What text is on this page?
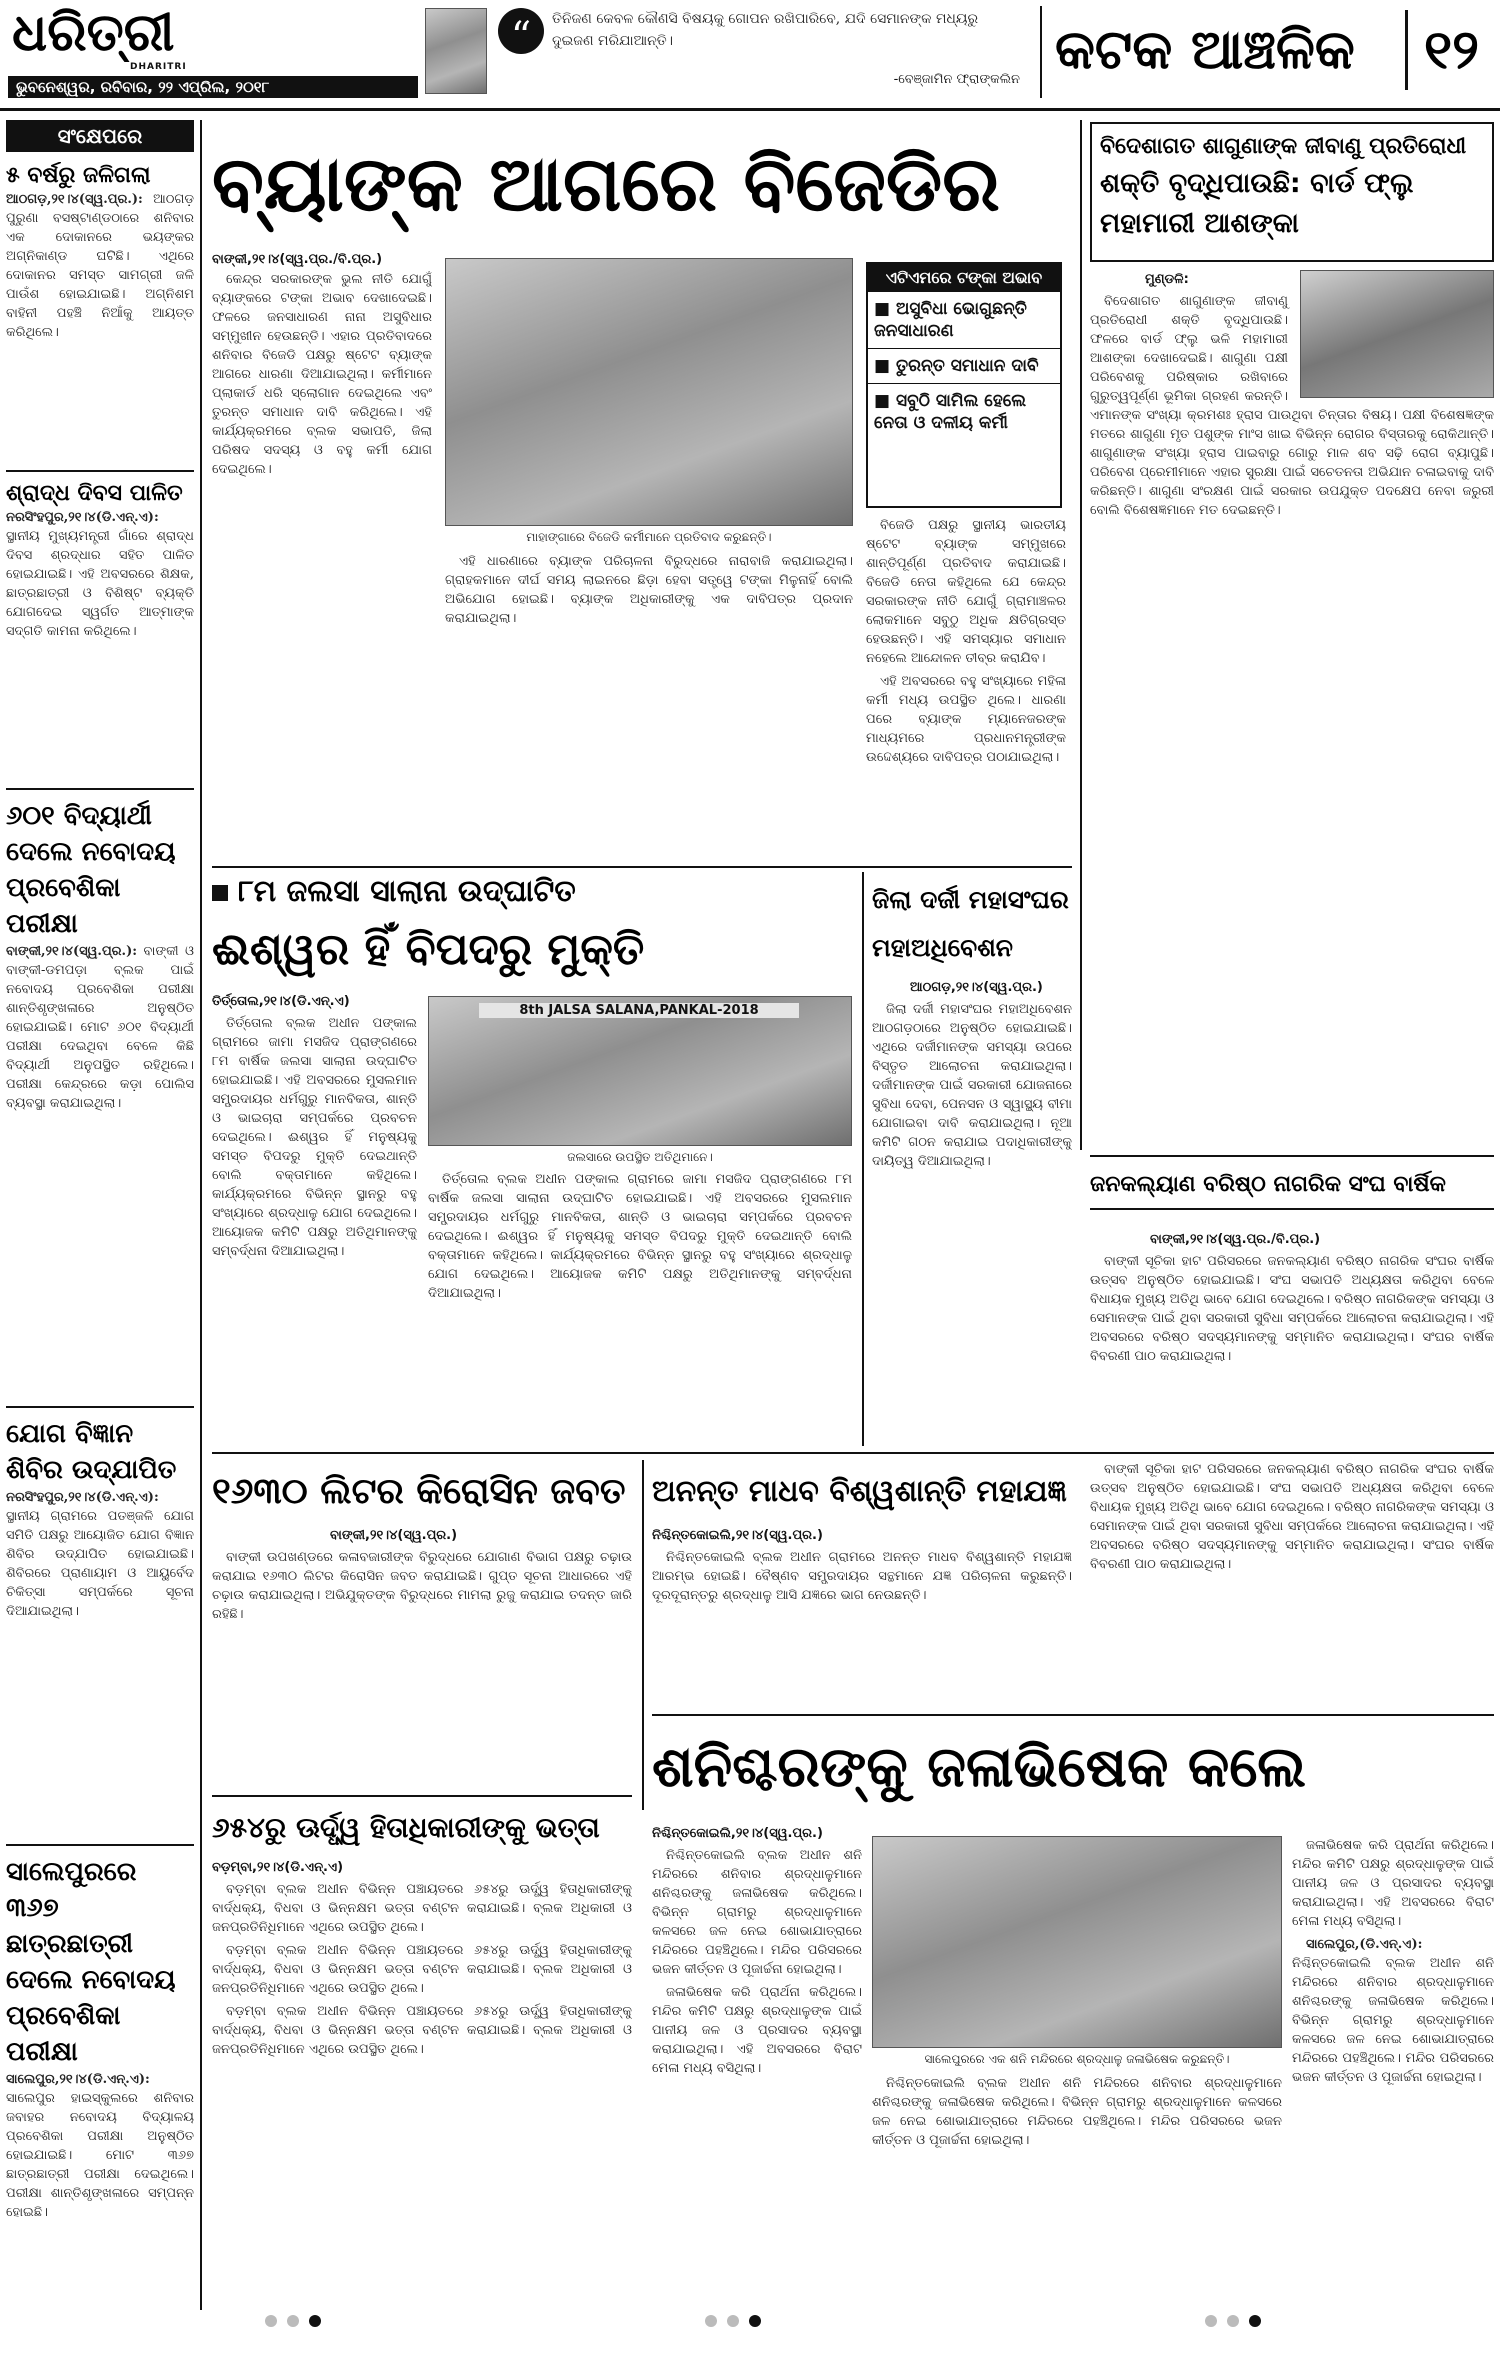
ଧରିତ୍ରୀ
DHARITRI
ଭୁବନେଶ୍ୱର, ରବିବାର, ୨୨ ଏପ୍ରିଲ, ୨୦୧୮
“	ତିନିଜଣ କେବଳ କୌଣସି ବିଷୟକୁ ଗୋପନ ରଖିପାରିବେ, ଯଦି ସେମାନଙ୍କ ମଧ୍ୟରୁ ଦୁଇଜଣ ମରିଯାଆନ୍ତି।
-ବେଞ୍ଜାମିନ ଫ୍ରାଙ୍କଲିନ କଟକ ଆଞ୍ଚଳିକ	୧୨
ସଂକ୍ଷେପରେ
୫ ବର୍ଷରୁ ଜଳିଗଲା
ଆଠଗଡ଼,୨୧।୪(ସ୍ୱ.ପ୍ର.): ଆଠଗଡ଼ ପୁରୁଣା ବସଷ୍ଟାଣ୍ଡଠାରେ ଶନିବାର ଏକ ଦୋକାନରେ ଭୟଙ୍କର ଅଗ୍ନିକାଣ୍ଡ ଘଟିଛି। ଏଥିରେ ଦୋକାନର ସମସ୍ତ ସାମଗ୍ରୀ ଜଳି ପାଉଁଶ ହୋଇଯାଇଛି। ଅଗ୍ନିଶମ ବାହିନୀ ପହଞ୍ଚି ନିଆଁକୁ ଆୟତ୍ତ କରିଥିଲେ।
ଶ୍ରାଦ୍ଧ ଦିବସ ପାଳିତ
ନରସିଂହପୁର,୨୧।୪(ଡି.ଏନ୍.ଏ): ସ୍ଥାନୀୟ ମୁଖ୍ୟମନ୍ତ୍ରୀ ଗାଁରେ ଶ୍ରାଦ୍ଧ ଦିବସ ଶ୍ରଦ୍ଧାର ସହିତ ପାଳିତ ହୋଇଯାଇଛି। ଏହି ଅବସରରେ ଶିକ୍ଷକ, ଛାତ୍ରଛାତ୍ରୀ ଓ ବିଶିଷ୍ଟ ବ୍ୟକ୍ତି ଯୋଗଦେଇ ସ୍ୱର୍ଗତ ଆତ୍ମାଙ୍କ ସଦ୍ଗତି କାମନା କରିଥିଲେ।
୬୦୧ ବିଦ୍ୟାର୍ଥୀ ଦେଲେ ନବୋଦୟ ପ୍ରବେଶିକା ପରୀକ୍ଷା
ବାଙ୍କୀ,୨୧।୪(ସ୍ୱ.ପ୍ର.): ବାଙ୍କୀ ଓ ବାଙ୍କୀ-ଡମପଡ଼ା ବ୍ଲକ ପାଇଁ ନବୋଦୟ ପ୍ରବେଶିକା ପରୀକ୍ଷା ଶାନ୍ତିଶୃଙ୍ଖଳାରେ ଅନୁଷ୍ଠିତ ହୋଇଯାଇଛି। ମୋଟ ୬୦୧ ବିଦ୍ୟାର୍ଥୀ ପରୀକ୍ଷା ଦେଇଥିବା ବେଳେ କିଛି ବିଦ୍ୟାର୍ଥୀ ଅନୁପସ୍ଥିତ ରହିଥିଲେ। ପରୀକ୍ଷା କେନ୍ଦ୍ରରେ କଡ଼ା ପୋଲିସ ବ୍ୟବସ୍ଥା କରାଯାଇଥିଲା।
ଯୋଗ ବିଜ୍ଞାନ ଶିବିର ଉଦ୍‌ଯାପିତ
ନରସିଂହପୁର,୨୧।୪(ଡି.ଏନ୍.ଏ): ସ୍ଥାନୀୟ ଗ୍ରାମରେ ପତଞ୍ଜଳି ଯୋଗ ସମିତି ପକ୍ଷରୁ ଆୟୋଜିତ ଯୋଗ ବିଜ୍ଞାନ ଶିବିର ଉଦ୍‌ଯାପିତ ହୋଇଯାଇଛି। ଶିବିରରେ ପ୍ରାଣାୟାମ ଓ ଆୟୁର୍ବେଦ ଚିକିତ୍ସା ସମ୍ପର୍କରେ ସୂଚନା ଦିଆଯାଇଥିଲା।
ସାଲେପୁରରେ ୩୬୭ ଛାତ୍ରଛାତ୍ରୀ ଦେଲେ ନବୋଦୟ ପ୍ରବେଶିକା ପରୀକ୍ଷା
ସାଲେପୁର,୨୧।୪(ଡି.ଏନ୍.ଏ): ସାଲେପୁର ହାଇସ୍କୁଲରେ ଶନିବାର ଜବାହର ନବୋଦୟ ବିଦ୍ୟାଳୟ ପ୍ରବେଶିକା ପରୀକ୍ଷା ଅନୁଷ୍ଠିତ ହୋଇଯାଇଛି। ମୋଟ ୩୬୭ ଛାତ୍ରଛାତ୍ରୀ ପରୀକ୍ଷା ଦେଇଥିଲେ। ପରୀକ୍ଷା ଶାନ୍ତିଶୃଙ୍ଖଳାରେ ସମ୍ପନ୍ନ ହୋଇଛି।
ବ୍ୟାଙ୍କ ଆଗରେ ବିଜେଡିର
ବାଙ୍କୀ,୨୧।୪(ସ୍ୱ.ପ୍ର./ବି.ପ୍ର.)

କେନ୍ଦ୍ର ସରକାରଙ୍କ ଭୁଲ ନୀତି ଯୋଗୁଁ ବ୍ୟାଙ୍କରେ ଟଙ୍କା ଅଭାବ ଦେଖାଦେଇଛି। ଫଳରେ ଜନସାଧାରଣ ନାନା ଅସୁବିଧାର ସମ୍ମୁଖୀନ ହେଉଛନ୍ତି। ଏହାର ପ୍ରତିବାଦରେ ଶନିବାର ବିଜେଡି ପକ୍ଷରୁ ଷ୍ଟେଟ ବ୍ୟାଙ୍କ ଆଗରେ ଧାରଣା ଦିଆଯାଇଥିଲା। କର୍ମୀମାନେ ପ୍ଲାକାର୍ଡ ଧରି ସ୍ଲୋଗାନ ଦେଇଥିଲେ ଏବଂ ତୁରନ୍ତ ସମାଧାନ ଦାବି କରିଥିଲେ। ଏହି କାର୍ଯ୍ୟକ୍ରମରେ ବ୍ଲକ ସଭାପତି, ଜିଲା ପରିଷଦ ସଦସ୍ୟ ଓ ବହୁ କର୍ମୀ ଯୋଗ ଦେଇଥିଲେ।

ମାହାଙ୍ଗାରେ ବିଜେଡି କର୍ମୀମାନେ ପ୍ରତିବାଦ କରୁଛନ୍ତି।

ଏହି ଧାରଣାରେ ବ୍ୟାଙ୍କ ପରିଚାଳନା ବିରୁଦ୍ଧରେ ନାରାବାଜି କରାଯାଇଥିଲା। ଗ୍ରାହକମାନେ ଦୀର୍ଘ ସମୟ ଲାଇନରେ ଛିଡ଼ା ହେବା ସତ୍ତ୍ୱେ ଟଙ୍କା ମିଳୁନାହିଁ ବୋଲି ଅଭିଯୋଗ ହୋଇଛି। ବ୍ୟାଙ୍କ ଅଧିକାରୀଙ୍କୁ ଏକ ଦାବିପତ୍ର ପ୍ରଦାନ କରାଯାଇଥିଲା।

ଏଟିଏମରେ ଟଙ୍କା ଅଭାବ
■ ଅସୁବିଧା ଭୋଗୁଛନ୍ତି ଜନସାଧାରଣ
■ ତୁରନ୍ତ ସମାଧାନ ଦାବି
■ ସବୁଠି ସାମିଲ ହେଲେ ନେତା ଓ ଦଳୀୟ କର୍ମୀ

ବିଜେଡି ପକ୍ଷରୁ ସ୍ଥାନୀୟ ଭାରତୀୟ ଷ୍ଟେଟ ବ୍ୟାଙ୍କ ସମ୍ମୁଖରେ ଶାନ୍ତିପୂର୍ଣ୍ଣ ପ୍ରତିବାଦ କରାଯାଇଛି। ବିଜେଡି ନେତା କହିଥିଲେ ଯେ କେନ୍ଦ୍ର ସରକାରଙ୍କ ନୀତି ଯୋଗୁଁ ଗ୍ରାମାଞ୍ଚଳର ଲୋକମାନେ ସବୁଠୁ ଅଧିକ କ୍ଷତିଗ୍ରସ୍ତ ହେଉଛନ୍ତି। ଏହି ସମସ୍ୟାର ସମାଧାନ ନହେଲେ ଆନ୍ଦୋଳନ ତୀବ୍ର କରାଯିବ।

ଏହି ଅବସରରେ ବହୁ ସଂଖ୍ୟାରେ ମହିଳା କର୍ମୀ ମଧ୍ୟ ଉପସ୍ଥିତ ଥିଲେ। ଧାରଣା ପରେ ବ୍ୟାଙ୍କ ମ୍ୟାନେଜରଙ୍କ ମାଧ୍ୟମରେ ପ୍ରଧାନମନ୍ତ୍ରୀଙ୍କ ଉଦ୍ଦେଶ୍ୟରେ ଦାବିପତ୍ର ପଠାଯାଇଥିଲା।

ବିଦେଶାଗତ ଶାଗୁଣାଙ୍କ ଜୀବାଣୁ ପ୍ରତିରୋଧୀ
ଶକ୍ତି ବୃଦ୍ଧିପାଉଛି: ବାର୍ଡ ଫ୍ଲୁ ମହାମାରୀ ଆଶଙ୍କା
ମୁଣ୍ଡଳି:

ବିଦେଶାଗତ ଶାଗୁଣାଙ୍କ ଜୀବାଣୁ ପ୍ରତିରୋଧୀ ଶକ୍ତି ବୃଦ୍ଧିପାଉଛି। ଫଳରେ ବାର୍ଡ ଫ୍ଲୁ ଭଳି ମହାମାରୀ ଆଶଙ୍କା ଦେଖାଦେଇଛି। ଶାଗୁଣା ପକ୍ଷୀ ପରିବେଶକୁ ପରିଷ୍କାର ରଖିବାରେ ଗୁରୁତ୍ୱପୂର୍ଣ୍ଣ ଭୂମିକା ଗ୍ରହଣ କରନ୍ତି। ଏମାନଙ୍କ ସଂଖ୍ୟା କ୍ରମଶଃ ହ୍ରାସ ପାଉଥିବା ଚିନ୍ତାର ବିଷୟ। ପକ୍ଷୀ ବିଶେଷଜ୍ଞଙ୍କ ମତରେ ଶାଗୁଣା ମୃତ ପଶୁଙ୍କ ମାଂସ ଖାଇ ବିଭିନ୍ନ ରୋଗର ବିସ୍ତାରକୁ ରୋକିଥାନ୍ତି। ଶାଗୁଣାଙ୍କ ସଂଖ୍ୟା ହ୍ରାସ ପାଇବାରୁ ଗୋରୁ ମାଳ ଶବ ସଢ଼ି ରୋଗ ବ୍ୟାପୁଛି। ପରିବେଶ ପ୍ରେମୀମାନେ ଏହାର ସୁରକ୍ଷା ପାଇଁ ସଚେତନତା ଅଭିଯାନ ଚଳାଇବାକୁ ଦାବି କରିଛନ୍ତି। ଶାଗୁଣା ସଂରକ୍ଷଣ ପାଇଁ ସରକାର ଉପଯୁକ୍ତ ପଦକ୍ଷେପ ନେବା ଜରୁରୀ ବୋଲି ବିଶେଷଜ୍ଞମାନେ ମତ ଦେଇଛନ୍ତି।

୮ମ ଜଲସା ସାଲାନା ଉଦ୍‌ଘାଟିତ
ଈଶ୍ୱର ହିଁ ବିପଦରୁ ମୁକ୍ତି
ତିର୍ତ୍ତୋଲ,୨୧।୪(ଡି.ଏନ୍.ଏ)

ତିର୍ତ୍ତୋଲ ବ୍ଲକ ଅଧୀନ ପଙ୍କାଲ ଗ୍ରାମରେ ଜାମା ମସଜିଦ ପ୍ରାଙ୍ଗଣରେ ୮ମ ବାର୍ଷିକ ଜଲସା ସାଲାନା ଉଦ୍‌ଘାଟିତ ହୋଇଯାଇଛି। ଏହି ଅବସରରେ ମୁସଲମାନ ସମ୍ପ୍ରଦାୟର ଧର୍ମଗୁରୁ ମାନବିକତା, ଶାନ୍ତି ଓ ଭାଇଚାରା ସମ୍ପର୍କରେ ପ୍ରବଚନ ଦେଇଥିଲେ। ଈଶ୍ୱର ହିଁ ମନୁଷ୍ୟକୁ ସମସ୍ତ ବିପଦରୁ ମୁକ୍ତି ଦେଇଥାନ୍ତି ବୋଲି ବକ୍ତାମାନେ କହିଥିଲେ। କାର୍ଯ୍ୟକ୍ରମରେ ବିଭିନ୍ନ ସ୍ଥାନରୁ ବହୁ ସଂଖ୍ୟାରେ ଶ୍ରଦ୍ଧାଳୁ ଯୋଗ ଦେଇଥିଲେ। ଆୟୋଜକ କମିଟି ପକ୍ଷରୁ ଅତିଥିମାନଙ୍କୁ ସମ୍ବର୍ଦ୍ଧନା ଦିଆଯାଇଥିଲା।

8th JALSA SALANA,PANKAL-2018
ଜଲସାରେ ଉପସ୍ଥିତ ଅତିଥିମାନେ।

ତିର୍ତ୍ତୋଲ ବ୍ଲକ ଅଧୀନ ପଙ୍କାଲ ଗ୍ରାମରେ ଜାମା ମସଜିଦ ପ୍ରାଙ୍ଗଣରେ ୮ମ ବାର୍ଷିକ ଜଲସା ସାଲାନା ଉଦ୍‌ଘାଟିତ ହୋଇଯାଇଛି। ଏହି ଅବସରରେ ମୁସଲମାନ ସମ୍ପ୍ରଦାୟର ଧର୍ମଗୁରୁ ମାନବିକତା, ଶାନ୍ତି ଓ ଭାଇଚାରା ସମ୍ପର୍କରେ ପ୍ରବଚନ ଦେଇଥିଲେ। ଈଶ୍ୱର ହିଁ ମନୁଷ୍ୟକୁ ସମସ୍ତ ବିପଦରୁ ମୁକ୍ତି ଦେଇଥାନ୍ତି ବୋଲି ବକ୍ତାମାନେ କହିଥିଲେ। କାର୍ଯ୍ୟକ୍ରମରେ ବିଭିନ୍ନ ସ୍ଥାନରୁ ବହୁ ସଂଖ୍ୟାରେ ଶ୍ରଦ୍ଧାଳୁ ଯୋଗ ଦେଇଥିଲେ। ଆୟୋଜକ କମିଟି ପକ୍ଷରୁ ଅତିଥିମାନଙ୍କୁ ସମ୍ବର୍ଦ୍ଧନା ଦିଆଯାଇଥିଲା।

ଜିଲା ଦର୍ଜୀ ମହାସଂଘର ମହାଅଧିବେଶନ
ଆଠଗଡ଼,୨୧।୪(ସ୍ୱ.ପ୍ର.)

ଜିଲା ଦର୍ଜୀ ମହାସଂଘର ମହାଅଧିବେଶନ ଆଠଗଡ଼ଠାରେ ଅନୁଷ୍ଠିତ ହୋଇଯାଇଛି। ଏଥିରେ ଦର୍ଜୀମାନଙ୍କ ସମସ୍ୟା ଉପରେ ବିସ୍ତୃତ ଆଲୋଚନା କରାଯାଇଥିଲା। ଦର୍ଜୀମାନଙ୍କ ପାଇଁ ସରକାରୀ ଯୋଜନାରେ ସୁବିଧା ଦେବା, ପେନସନ ଓ ସ୍ୱାସ୍ଥ୍ୟ ବୀମା ଯୋଗାଇବା ଦାବି କରାଯାଇଥିଲା। ନୂଆ କମିଟି ଗଠନ କରାଯାଇ ପଦାଧିକାରୀଙ୍କୁ ଦାୟିତ୍ୱ ଦିଆଯାଇଥିଲା।

ଜନକଲ୍ୟାଣ ବରିଷ୍ଠ ନାଗରିକ ସଂଘ ବାର୍ଷିକ
ବାଙ୍କୀ,୨୧।୪(ସ୍ୱ.ପ୍ର./ବି.ପ୍ର.)

ବାଙ୍କୀ ସୂଚିକା ହାଟ ପରିସରରେ ଜନକଲ୍ୟାଣ ବରିଷ୍ଠ ନାଗରିକ ସଂଘର ବାର୍ଷିକ ଉତ୍ସବ ଅନୁଷ୍ଠିତ ହୋଇଯାଇଛି। ସଂଘ ସଭାପତି ଅଧ୍ୟକ୍ଷତା କରିଥିବା ବେଳେ ବିଧାୟକ ମୁଖ୍ୟ ଅତିଥି ଭାବେ ଯୋଗ ଦେଇଥିଲେ। ବରିଷ୍ଠ ନାଗରିକଙ୍କ ସମସ୍ୟା ଓ ସେମାନଙ୍କ ପାଇଁ ଥିବା ସରକାରୀ ସୁବିଧା ସମ୍ପର୍କରେ ଆଲୋଚନା କରାଯାଇଥିଲା। ଏହି ଅବସରରେ ବରିଷ୍ଠ ସଦସ୍ୟମାନଙ୍କୁ ସମ୍ମାନିତ କରାଯାଇଥିଲା। ସଂଘର ବାର୍ଷିକ ବିବରଣୀ ପାଠ କରାଯାଇଥିଲା।

୧୬୩୦ ଲିଟର କିରୋସିନ ଜବତ
ବାଙ୍କୀ,୨୧।୪(ସ୍ୱ.ପ୍ର.)

ବାଙ୍କୀ ଉପଖଣ୍ଡରେ କଳାବଜାରୀଙ୍କ ବିରୁଦ୍ଧରେ ଯୋଗାଣ ବିଭାଗ ପକ୍ଷରୁ ଚଢ଼ାଉ କରାଯାଇ ୧୬୩୦ ଲିଟର କିରୋସିନ ଜବତ କରାଯାଇଛି। ଗୁପ୍ତ ସୂଚନା ଆଧାରରେ ଏହି ଚଢ଼ାଉ କରାଯାଇଥିଲା। ଅଭିଯୁକ୍ତଙ୍କ ବିରୁଦ୍ଧରେ ମାମଲା ରୁଜୁ କରାଯାଇ ତଦନ୍ତ ଜାରି ରହିଛି।

ଅନନ୍ତ ମାଧବ ବିଶ୍ୱଶାନ୍ତି ମହାଯଜ୍ଞ
ନିଶ୍ଚିନ୍ତକୋଇଲି,୨୧।୪(ସ୍ୱ.ପ୍ର.)

ନିଶ୍ଚିନ୍ତକୋଇଲି ବ୍ଲକ ଅଧୀନ ଗ୍ରାମରେ ଅନନ୍ତ ମାଧବ ବିଶ୍ୱଶାନ୍ତି ମହାଯଜ୍ଞ ଆରମ୍ଭ ହୋଇଛି। ବୈଷ୍ଣବ ସମ୍ପ୍ରଦାୟର ସନ୍ଥମାନେ ଯଜ୍ଞ ପରିଚାଳନା କରୁଛନ୍ତି। ଦୂରଦୂରାନ୍ତରୁ ଶ୍ରଦ୍ଧାଳୁ ଆସି ଯଜ୍ଞରେ ଭାଗ ନେଉଛନ୍ତି।

ବାଙ୍କୀ ସୂଚିକା ହାଟ ପରିସରରେ ଜନକଲ୍ୟାଣ ବରିଷ୍ଠ ନାଗରିକ ସଂଘର ବାର୍ଷିକ ଉତ୍ସବ ଅନୁଷ୍ଠିତ ହୋଇଯାଇଛି। ସଂଘ ସଭାପତି ଅଧ୍ୟକ୍ଷତା କରିଥିବା ବେଳେ ବିଧାୟକ ମୁଖ୍ୟ ଅତିଥି ଭାବେ ଯୋଗ ଦେଇଥିଲେ। ବରିଷ୍ଠ ନାଗରିକଙ୍କ ସମସ୍ୟା ଓ ସେମାନଙ୍କ ପାଇଁ ଥିବା ସରକାରୀ ସୁବିଧା ସମ୍ପର୍କରେ ଆଲୋଚନା କରାଯାଇଥିଲା। ଏହି ଅବସରରେ ବରିଷ୍ଠ ସଦସ୍ୟମାନଙ୍କୁ ସମ୍ମାନିତ କରାଯାଇଥିଲା। ସଂଘର ବାର୍ଷିକ ବିବରଣୀ ପାଠ କରାଯାଇଥିଲା।

୬୫୪ରୁ ଊର୍ଦ୍ଧ୍ୱ ହିତାଧିକାରୀଙ୍କୁ ଭତ୍ତା
ବଡ଼ମ୍ବା,୨୧।୪(ଡି.ଏନ୍.ଏ)

ବଡ଼ମ୍ବା ବ୍ଲକ ଅଧୀନ ବିଭିନ୍ନ ପଞ୍ଚାୟତରେ ୬୫୪ରୁ ଊର୍ଦ୍ଧ୍ୱ ହିତାଧିକାରୀଙ୍କୁ ବାର୍ଦ୍ଧକ୍ୟ, ବିଧବା ଓ ଭିନ୍ନକ୍ଷମ ଭତ୍ତା ବଣ୍ଟନ କରାଯାଇଛି। ବ୍ଲକ ଅଧିକାରୀ ଓ ଜନପ୍ରତିନିଧିମାନେ ଏଥିରେ ଉପସ୍ଥିତ ଥିଲେ।

ବଡ଼ମ୍ବା ବ୍ଲକ ଅଧୀନ ବିଭିନ୍ନ ପଞ୍ଚାୟତରେ ୬୫୪ରୁ ଊର୍ଦ୍ଧ୍ୱ ହିତାଧିକାରୀଙ୍କୁ ବାର୍ଦ୍ଧକ୍ୟ, ବିଧବା ଓ ଭିନ୍ନକ୍ଷମ ଭତ୍ତା ବଣ୍ଟନ କରାଯାଇଛି। ବ୍ଲକ ଅଧିକାରୀ ଓ ଜନପ୍ରତିନିଧିମାନେ ଏଥିରେ ଉପସ୍ଥିତ ଥିଲେ।

ବଡ଼ମ୍ବା ବ୍ଲକ ଅଧୀନ ବିଭିନ୍ନ ପଞ୍ଚାୟତରେ ୬୫୪ରୁ ଊର୍ଦ୍ଧ୍ୱ ହିତାଧିକାରୀଙ୍କୁ ବାର୍ଦ୍ଧକ୍ୟ, ବିଧବା ଓ ଭିନ୍ନକ୍ଷମ ଭତ୍ତା ବଣ୍ଟନ କରାଯାଇଛି। ବ୍ଲକ ଅଧିକାରୀ ଓ ଜନପ୍ରତିନିଧିମାନେ ଏଥିରେ ଉପସ୍ଥିତ ଥିଲେ।

ଶନିଶ୍ଚରଙ୍କୁ ଜଳାଭିଷେକ କଲେ
ନିଶ୍ଚିନ୍ତକୋଇଲି,୨୧।୪(ସ୍ୱ.ପ୍ର.)

ନିଶ୍ଚିନ୍ତକୋଇଲି ବ୍ଲକ ଅଧୀନ ଶନି ମନ୍ଦିରରେ ଶନିବାର ଶ୍ରଦ୍ଧାଳୁମାନେ ଶନିଶ୍ଚରଙ୍କୁ ଜଳାଭିଷେକ କରିଥିଲେ। ବିଭିନ୍ନ ଗ୍ରାମରୁ ଶ୍ରଦ୍ଧାଳୁମାନେ କଳସରେ ଜଳ ନେଇ ଶୋଭାଯାତ୍ରାରେ ମନ୍ଦିରରେ ପହଞ୍ଚିଥିଲେ। ମନ୍ଦିର ପରିସରରେ ଭଜନ କୀର୍ତ୍ତନ ଓ ପୂଜାର୍ଚ୍ଚନା ହୋଇଥିଲା।

ଜଳାଭିଷେକ କରି ପ୍ରାର୍ଥନା କରିଥିଲେ। ମନ୍ଦିର କମିଟି ପକ୍ଷରୁ ଶ୍ରଦ୍ଧାଳୁଙ୍କ ପାଇଁ ପାନୀୟ ଜଳ ଓ ପ୍ରସାଦର ବ୍ୟବସ୍ଥା କରାଯାଇଥିଲା। ଏହି ଅବସରରେ ବିରାଟ ମେଳା ମଧ୍ୟ ବସିଥିଲା।

ସାଲେପୁରରେ ଏକ ଶନି ମନ୍ଦିରରେ ଶ୍ରଦ୍ଧାଳୁ ଜଳାଭିଷେକ କରୁଛନ୍ତି।

ନିଶ୍ଚିନ୍ତକୋଇଲି ବ୍ଲକ ଅଧୀନ ଶନି ମନ୍ଦିରରେ ଶନିବାର ଶ୍ରଦ୍ଧାଳୁମାନେ ଶନିଶ୍ଚରଙ୍କୁ ଜଳାଭିଷେକ କରିଥିଲେ। ବିଭିନ୍ନ ଗ୍ରାମରୁ ଶ୍ରଦ୍ଧାଳୁମାନେ କଳସରେ ଜଳ ନେଇ ଶୋଭାଯାତ୍ରାରେ ମନ୍ଦିରରେ ପହଞ୍ଚିଥିଲେ। ମନ୍ଦିର ପରିସରରେ ଭଜନ କୀର୍ତ୍ତନ ଓ ପୂଜାର୍ଚ୍ଚନା ହୋଇଥିଲା।

ଜଳାଭିଷେକ କରି ପ୍ରାର୍ଥନା କରିଥିଲେ। ମନ୍ଦିର କମିଟି ପକ୍ଷରୁ ଶ୍ରଦ୍ଧାଳୁଙ୍କ ପାଇଁ ପାନୀୟ ଜଳ ଓ ପ୍ରସାଦର ବ୍ୟବସ୍ଥା କରାଯାଇଥିଲା। ଏହି ଅବସରରେ ବିରାଟ ମେଳା ମଧ୍ୟ ବସିଥିଲା।

ସାଲେପୁର,(ଡି.ଏନ୍.ଏ): ନିଶ୍ଚିନ୍ତକୋଇଲି ବ୍ଲକ ଅଧୀନ ଶନି ମନ୍ଦିରରେ ଶନିବାର ଶ୍ରଦ୍ଧାଳୁମାନେ ଶନିଶ୍ଚରଙ୍କୁ ଜଳାଭିଷେକ କରିଥିଲେ। ବିଭିନ୍ନ ଗ୍ରାମରୁ ଶ୍ରଦ୍ଧାଳୁମାନେ କଳସରେ ଜଳ ନେଇ ଶୋଭାଯାତ୍ରାରେ ମନ୍ଦିରରେ ପହଞ୍ଚିଥିଲେ। ମନ୍ଦିର ପରିସରରେ ଭଜନ କୀର୍ତ୍ତନ ଓ ପୂଜାର୍ଚ୍ଚନା ହୋଇଥିଲା।
